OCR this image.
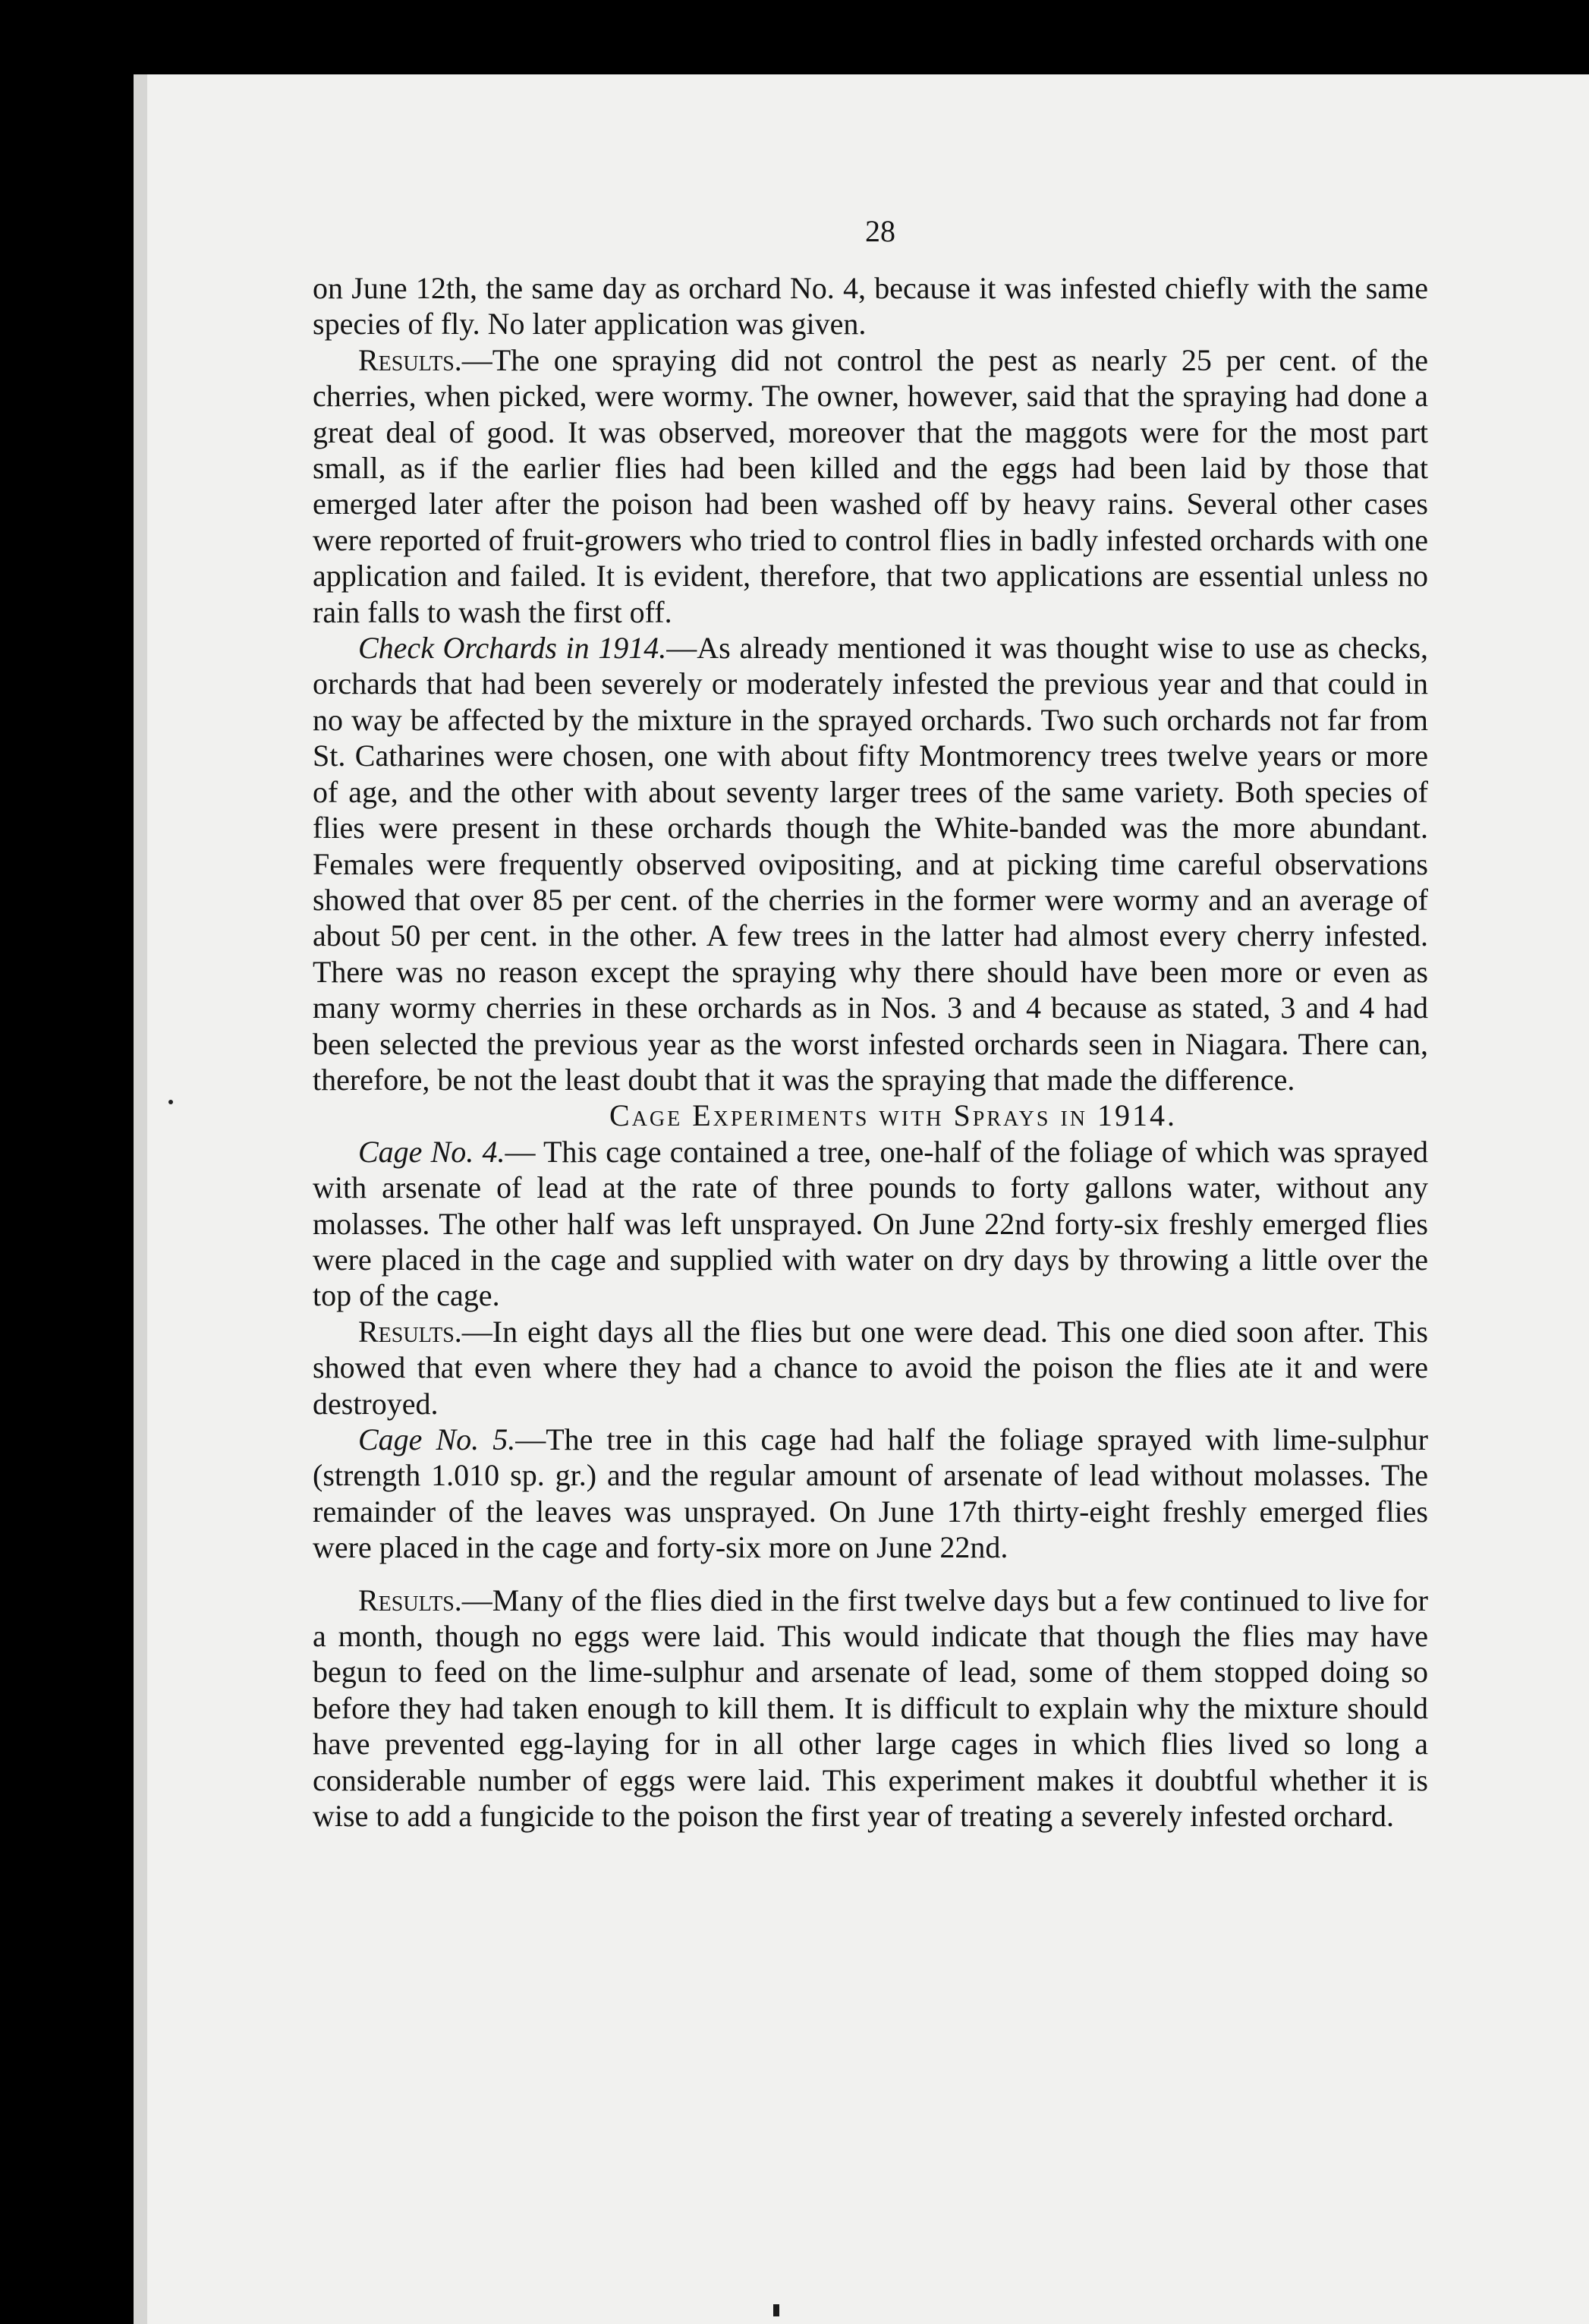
28

on June 12th, the same day as orchard No. 4, because it was infested chiefly with the same species of fly. No later application was given.

Results.—The one spraying did not control the pest as nearly 25 per cent. of the cherries, when picked, were wormy. The owner, however, said that the spraying had done a great deal of good. It was observed, moreover that the maggots were for the most part small, as if the earlier flies had been killed and the eggs had been laid by those that emerged later after the poison had been washed off by heavy rains. Several other cases were reported of fruit-growers who tried to control flies in badly infested orchards with one application and failed. It is evident, therefore, that two applications are essential unless no rain falls to wash the first off.

Check Orchards in 1914.—As already mentioned it was thought wise to use as checks, orchards that had been severely or moderately infested the previous year and that could in no way be affected by the mixture in the sprayed orchards. Two such orchards not far from St. Catharines were chosen, one with about fifty Montmorency trees twelve years or more of age, and the other with about seventy larger trees of the same variety. Both species of flies were present in these orchards though the White-banded was the more abundant. Females were frequently observed ovipositing, and at picking time careful observations showed that over 85 per cent. of the cherries in the former were wormy and an average of about 50 per cent. in the other. A few trees in the latter had almost every cherry infested. There was no reason except the spraying why there should have been more or even as many wormy cherries in these orchards as in Nos. 3 and 4 because as stated, 3 and 4 had been selected the previous year as the worst infested orchards seen in Niagara. There can, therefore, be not the least doubt that it was the spraying that made the difference.

Cage Experiments with Sprays in 1914.

Cage No. 4.— This cage contained a tree, one-half of the foliage of which was sprayed with arsenate of lead at the rate of three pounds to forty gallons water, without any molasses. The other half was left unsprayed. On June 22nd forty-six freshly emerged flies were placed in the cage and supplied with water on dry days by throwing a little over the top of the cage.

Results.—In eight days all the flies but one were dead. This one died soon after. This showed that even where they had a chance to avoid the poison the flies ate it and were destroyed.

Cage No. 5.—The tree in this cage had half the foliage sprayed with lime-sulphur (strength 1.010 sp. gr.) and the regular amount of arsenate of lead without molasses. The remainder of the leaves was unsprayed. On June 17th thirty-eight freshly emerged flies were placed in the cage and forty-six more on June 22nd.

Results.—Many of the flies died in the first twelve days but a few continued to live for a month, though no eggs were laid. This would indicate that though the flies may have begun to feed on the lime-sulphur and arsenate of lead, some of them stopped doing so before they had taken enough to kill them. It is difficult to explain why the mixture should have prevented egg-laying for in all other large cages in which flies lived so long a considerable number of eggs were laid. This experiment makes it doubtful whether it is wise to add a fungicide to the poison the first year of treating a severely infested orchard.
